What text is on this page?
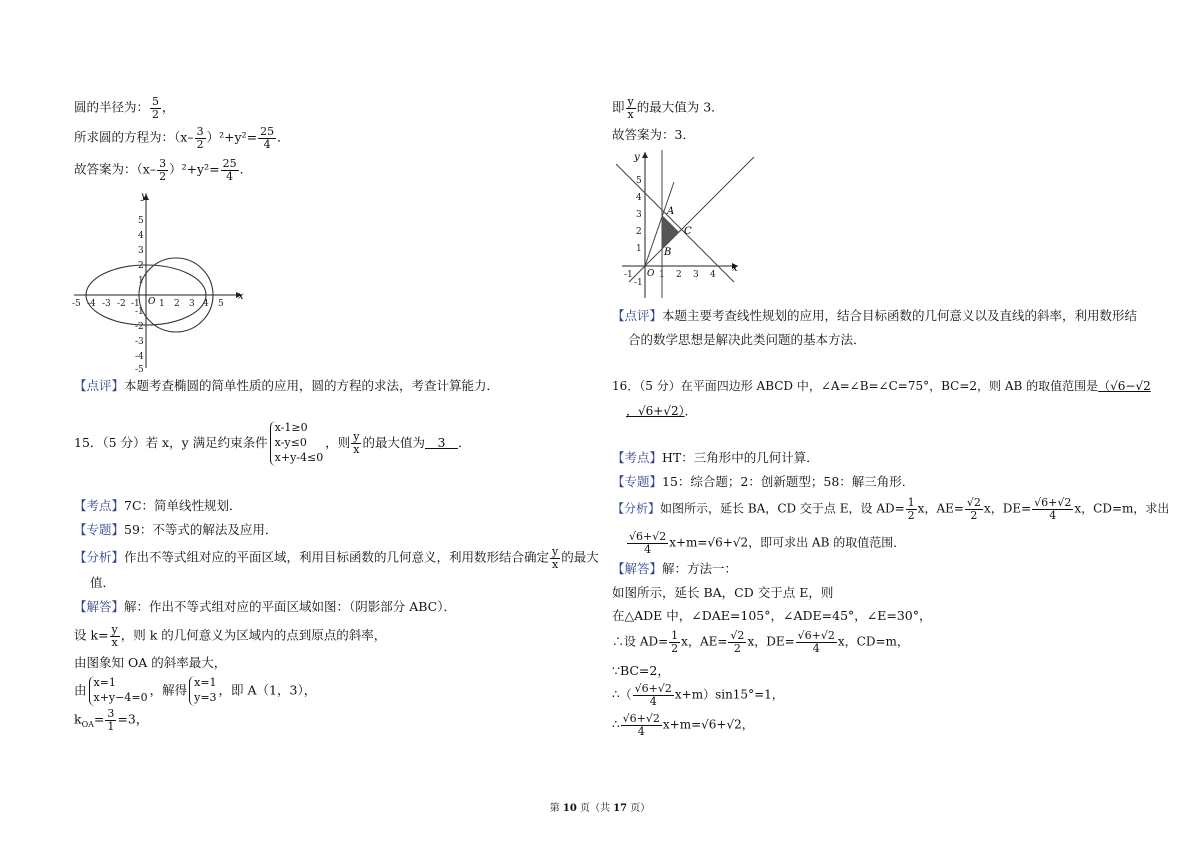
圆的半径为： $\frac{5}{2}$ ，
所求圆的方程为：$(x- \frac{3}{2} )^2+y^2= \frac{25}{4}$ ．
故答案为：$(x- \frac{3}{2} )^2+y^2= \frac{25}{4}$ ．
-5 -4 -3 -2 -1 1 2 3 4 5
5
4
3
2
1
-1
-2
-3
-4
-5
x
y
O
【点评】本题考查椭圆的简单性质的应用，圆的方程的求法，考查计算能力．
15．（5 分）若 x，y 满足约束条件
x-1≥0
x-y≤0
x+y-4≤0
，则 $\frac{y}{x}$ 的最大值为　3　．
【考点】7C：简单线性规划．
【专题】59：不等式的解法及应用．
【分析】作出不等式组对应的平面区域，利用目标函数的几何意义，利用数形结合确定 $\frac{y}{x}$ 的最大
值．
【解答】解：作出不等式组对应的平面区域如图：（阴影部分 ABC）．
设 $k= \frac{y}{x}$ ，则 k 的几何意义为区域内的点到原点的斜率，
由图象知 OA 的斜率最大，
由 x=1
x+y−4=0 ，解得 x=1
y=3 ，即 A（1，3），
$k_{OA}= \frac{3}{1} =3$，
即 $\frac{y}{x}$ 的最大值为 3．
故答案为：3．
5
4
3
2
1
-1
-1	1 2 3 4
x
y
O
A
B
C
【点评】本题主要考查线性规划的应用，结合目标函数的几何意义以及直线的斜率，利用数形结
合的数学思想是解决此类问题的基本方法．
16．（5 分）在平面四边形 ABCD 中，∠A=∠B=∠C=75°，BC=2，则 AB 的取值范围是（√6−√2
，√6+√2）．
【考点】HT：三角形中的几何计算．
【专题】15：综合题；2：创新题型；58：解三角形．
【分析】如图所示，延长 BA，CD 交于点 E，设 $AD= \frac{1}{2}$ x，$AE= \frac{√2}{2}$ x，$DE= \frac{√6+√2}{4}$ x，CD=m，求出
$\frac{√6+√2}{4} x+m=√6+√2$，即可求出 AB 的取值范围．
【解答】解：方法一：
如图所示，延长 BA，CD 交于点 E，则
在△ADE 中，∠DAE=105°，∠ADE=45°，∠E=30°，
∴设 $AD= \frac{1}{2}$ x，$AE= \frac{√2}{2}$ x，$DE= \frac{√6+√2}{4}$ x，CD=m，
∵BC=2，
∴（ $\frac{√6+√2}{4} x+m)\sin 15^\circ=1$，
∴ $\frac{√6+√2}{4} x+m=√6+√2$，
第 10 页（共 17 页）
